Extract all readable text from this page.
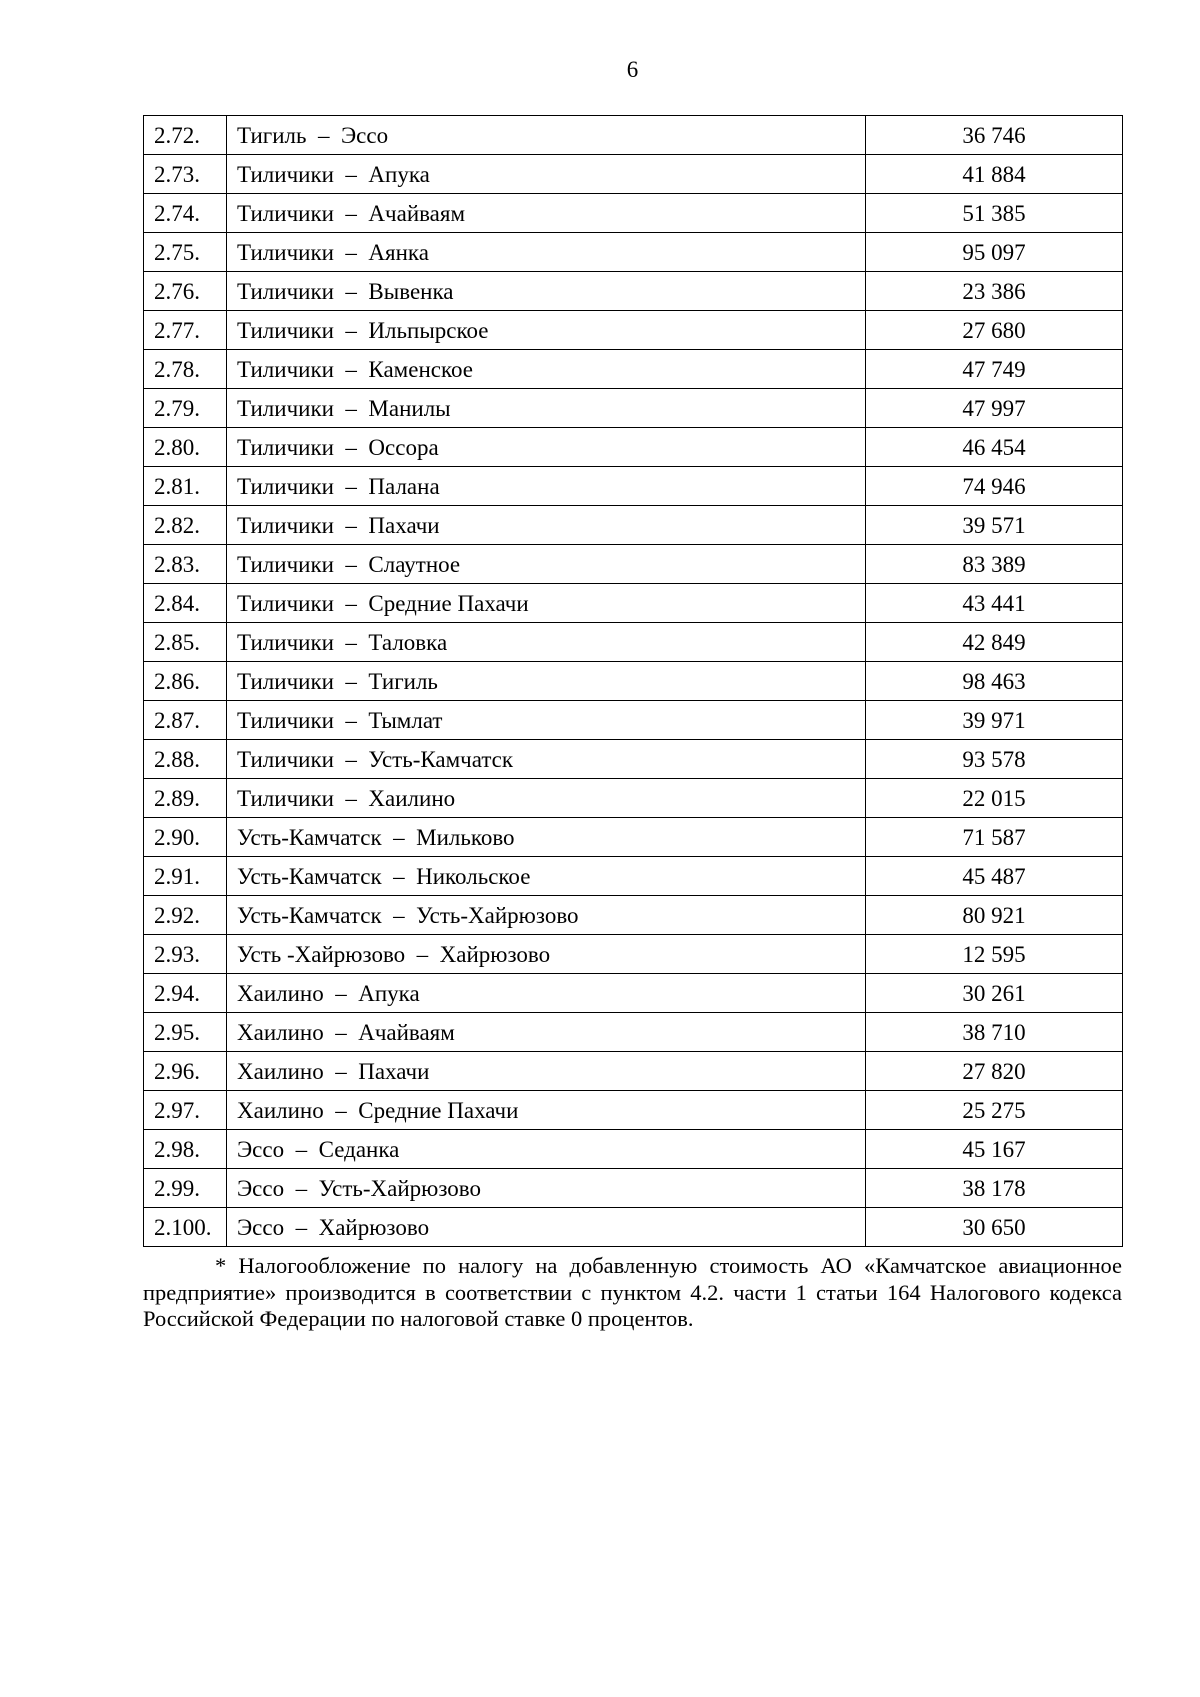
6
2.72.	Тигиль  –  Эссо	36 746
2.73.	Тиличики  –  Апука	41 884
2.74.	Тиличики  –  Ачайваям	51 385
2.75.	Тиличики  –  Аянка	95 097
2.76.	Тиличики  –  Вывенка	23 386
2.77.	Тиличики  –  Ильпырское	27 680
2.78.	Тиличики  –  Каменское	47 749
2.79.	Тиличики  –  Манилы	47 997
2.80.	Тиличики  –  Оссора	46 454
2.81.	Тиличики  –  Палана	74 946
2.82.	Тиличики  –  Пахачи	39 571
2.83.	Тиличики  –  Слаутное	83 389
2.84.	Тиличики  –  Средние Пахачи	43 441
2.85.	Тиличики  –  Таловка	42 849
2.86.	Тиличики  –  Тигиль	98 463
2.87.	Тиличики  –  Тымлат	39 971
2.88.	Тиличики  –  Усть-Камчатск	93 578
2.89.	Тиличики  –  Хаилино	22 015
2.90.	Усть-Камчатск  –  Мильково	71 587
2.91.	Усть-Камчатск  –  Никольское	45 487
2.92.	Усть-Камчатск  –  Усть-Хайрюзово	80 921
2.93.	Усть -Хайрюзово  –  Хайрюзово	12 595
2.94.	Хаилино  –  Апука	30 261
2.95.	Хаилино  –  Ачайваям	38 710
2.96.	Хаилино  –  Пахачи	27 820
2.97.	Хаилино  –  Средние Пахачи	25 275
2.98.	Эссо  –  Седанка	45 167
2.99.	Эссо  –  Усть-Хайрюзово	38 178
2.100.	Эссо  –  Хайрюзово	30 650
* Налогообложение по налогу на добавленную стоимость АО «Камчатское авиационное предприятие» производится в соответствии с пунктом 4.2. части 1 статьи 164 Налогового кодекса Российской Федерации по налоговой ставке 0 процентов.
